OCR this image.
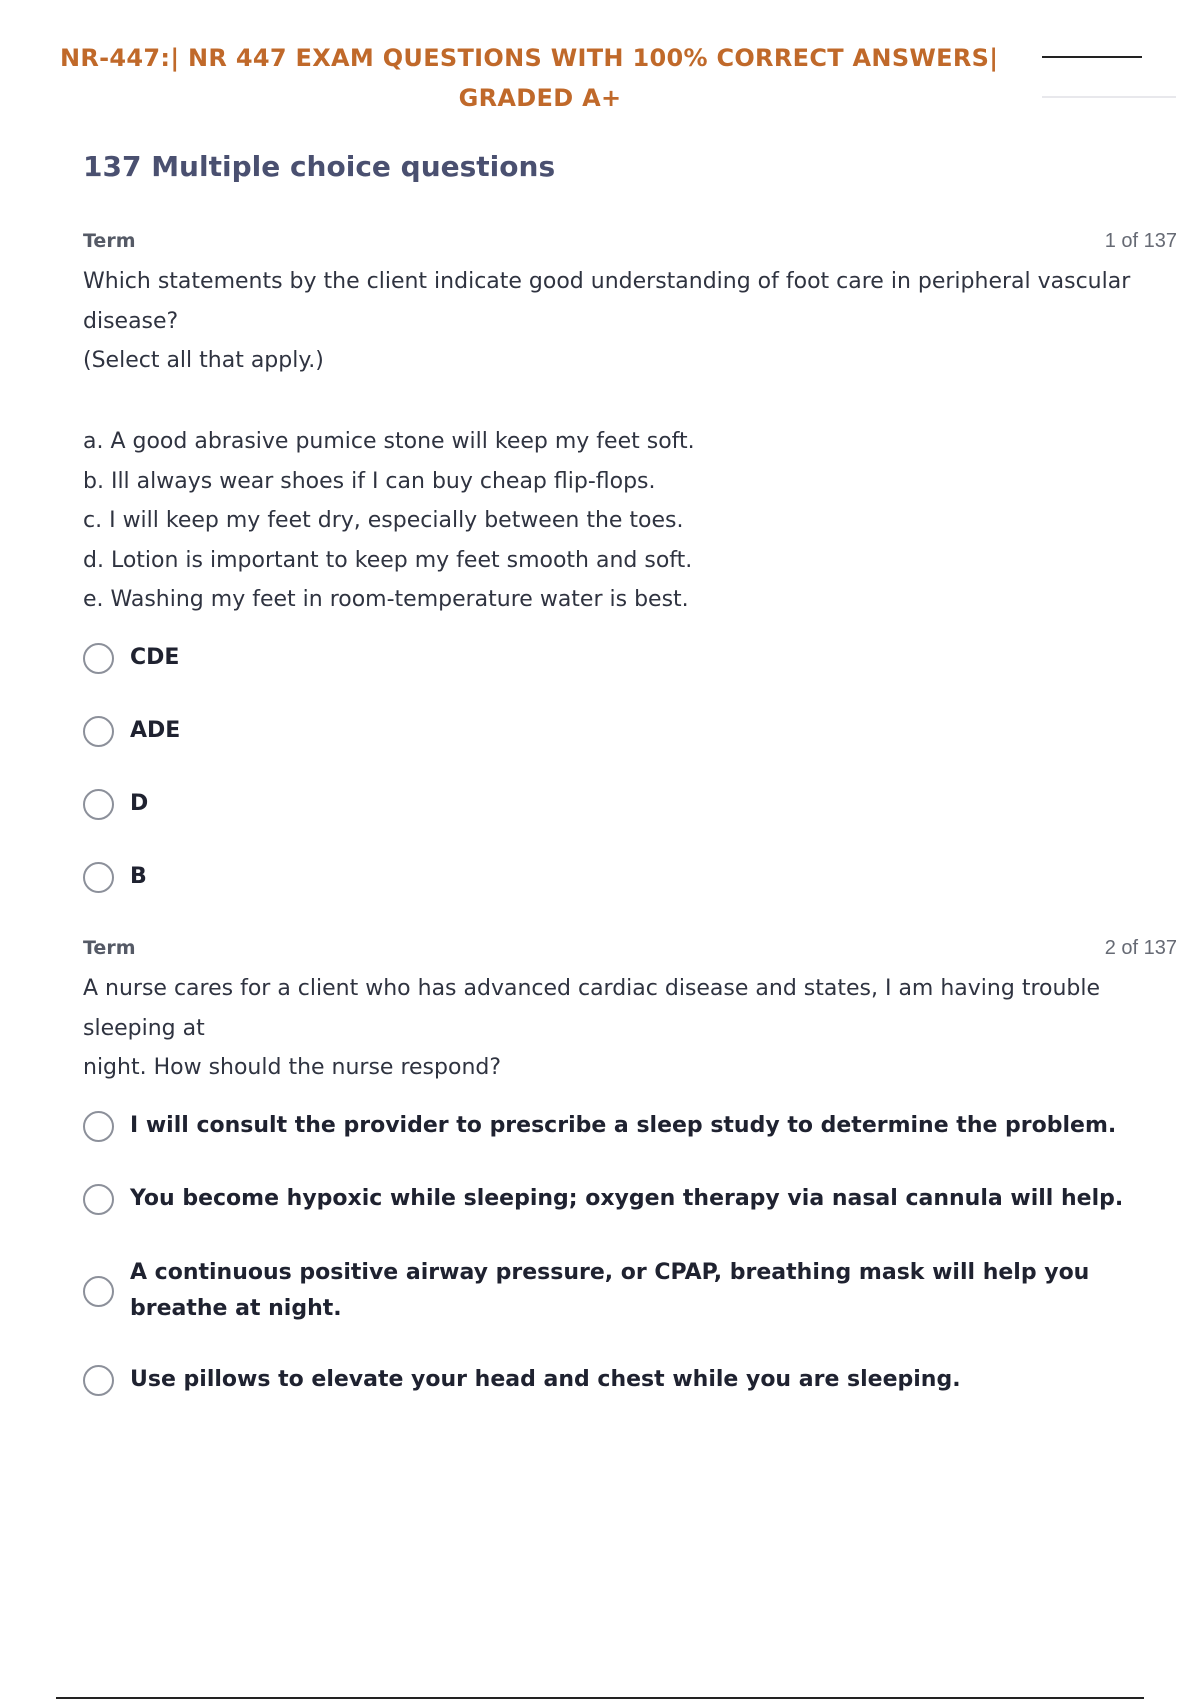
NR-447:| NR 447 EXAM QUESTIONS WITH 100% CORRECT ANSWERS|
GRADED A+
137 Multiple choice questions
Term	1 of 137
Which statements by the client indicate good understanding of foot care in peripheral vascular
disease?
(Select all that apply.)
a. A good abrasive pumice stone will keep my feet soft.
b. Ill always wear shoes if I can buy cheap flip-flops.
c. I will keep my feet dry, especially between the toes.
d. Lotion is important to keep my feet smooth and soft.
e. Washing my feet in room-temperature water is best.
CDE
ADE
D
B
Term	2 of 137
A nurse cares for a client who has advanced cardiac disease and states, I am having trouble
sleeping at
night. How should the nurse respond?
I will consult the provider to prescribe a sleep study to determine the problem.
You become hypoxic while sleeping; oxygen therapy via nasal cannula will help.
A continuous positive airway pressure, or CPAP, breathing mask will help you breathe at night.
Use pillows to elevate your head and chest while you are sleeping.
